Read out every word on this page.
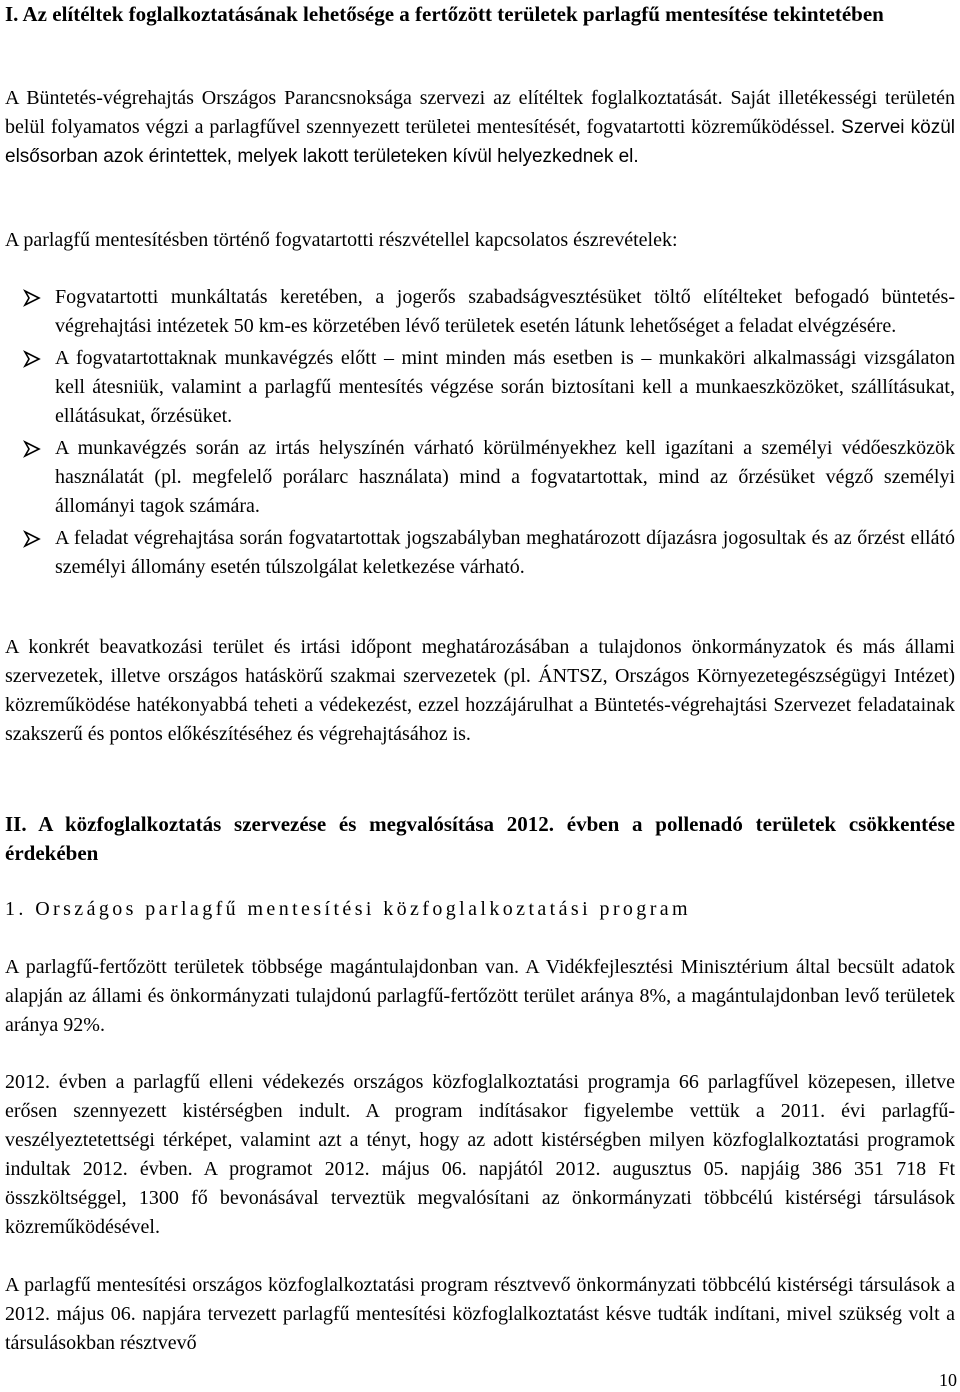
I. Az elítéltek foglalkoztatásának lehetősége a fertőzött területek parlagfű mentesítése tekintetében
A Büntetés-végrehajtás Országos Parancsnoksága szervezi az elítéltek foglalkoztatását. Saját illetékességi területén belül folyamatos végzi a parlagfűvel szennyezett területei mentesítését, fogvatartotti közreműködéssel. Szervei közül elsősorban azok érintettek, melyek lakott területeken kívül helyezkednek el.
A parlagfű mentesítésben történő fogvatartotti részvétellel kapcsolatos észrevételek:
Fogvatartotti munkáltatás keretében, a jogerős szabadságvesztésüket töltő elítélteket befogadó büntetés-végrehajtási intézetek 50 km-es körzetében lévő területek esetén látunk lehetőséget a feladat elvégzésére.
A fogvatartottaknak munkavégzés előtt – mint minden más esetben is – munkaköri alkalmassági vizsgálaton kell átesniük, valamint a parlagfű mentesítés végzése során biztosítani kell a munkaeszközöket, szállításukat, ellátásukat, őrzésüket.
A munkavégzés során az irtás helyszínén várható körülményekhez kell igazítani a személyi védőeszközök használatát (pl. megfelelő porálarc használata) mind a fogvatartottak, mind az őrzésüket végző személyi állományi tagok számára.
A feladat végrehajtása során fogvatartottak jogszabályban meghatározott díjazásra jogosultak és az őrzést ellátó személyi állomány esetén túlszolgálat keletkezése várható.
A konkrét beavatkozási terület és irtási időpont meghatározásában a tulajdonos önkormányzatok és más állami szervezetek, illetve országos hatáskörű szakmai szervezetek (pl. ÁNTSZ, Országos Környezetegészségügyi Intézet) közreműködése hatékonyabbá teheti a védekezést, ezzel hozzájárulhat a Büntetés-végrehajtási Szervezet feladatainak szakszerű és pontos előkészítéséhez és végrehajtásához is.
II. A közfoglalkoztatás szervezése és megvalósítása 2012. évben a pollenadó területek csökkentése érdekében
1. Országos parlagfű mentesítési közfoglalkoztatási program
A parlagfű-fertőzött területek többsége magántulajdonban van. A Vidékfejlesztési Minisztérium által becsült adatok alapján az állami és önkormányzati tulajdonú parlagfű-fertőzött terület aránya 8%, a magántulajdonban levő területek aránya 92%.
2012. évben a parlagfű elleni védekezés országos közfoglalkoztatási programja 66 parlagfűvel közepesen, illetve erősen szennyezett kistérségben indult. A program indításakor figyelembe vettük a 2011. évi parlagfű-veszélyeztetettségi térképet, valamint azt a tényt, hogy az adott kistérségben milyen közfoglalkoztatási programok indultak 2012. évben. A programot 2012. május 06. napjától 2012. augusztus 05. napjáig 386 351 718 Ft összköltséggel, 1300 fő bevonásával terveztük megvalósítani az önkormányzati többcélú kistérségi társulások közreműködésével.
A parlagfű mentesítési országos közfoglalkoztatási program résztvevő önkormányzati többcélú kistérségi társulások a 2012. május 06. napjára tervezett parlagfű mentesítési közfoglalkoztatást késve tudták indítani, mivel szükség volt a társulásokban résztvevő
10
